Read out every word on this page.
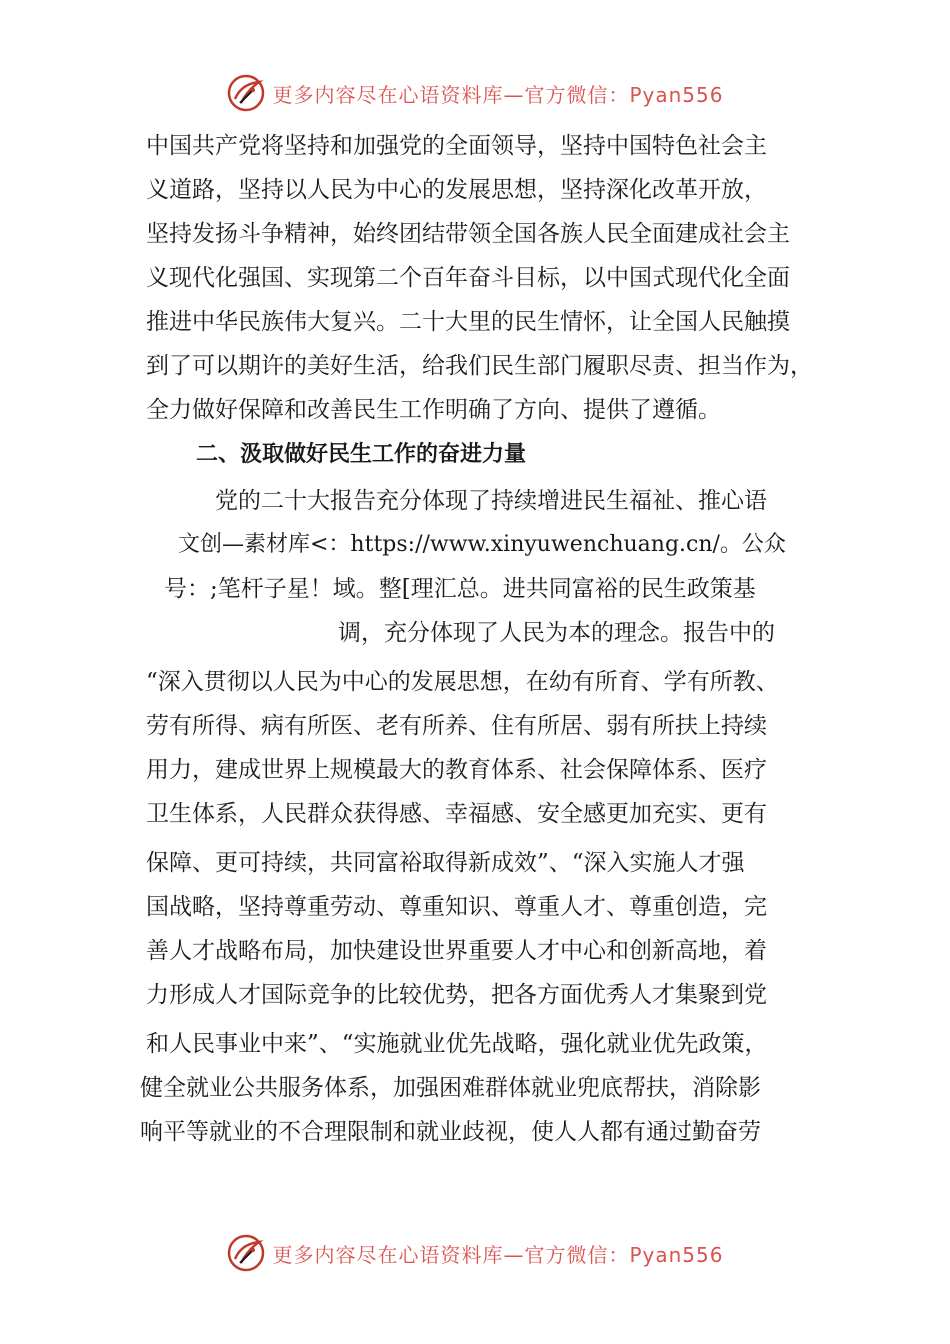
更多内容尽在心语资料库—官方微信：Pyan556
中国共产党将坚持和加强党的全面领导，坚持中国特色社会主
义道路，坚持以人民为中心的发展思想，坚持深化改革开放，
坚持发扬斗争精神，始终团结带领全国各族人民全面建成社会主
义现代化强国、实现第二个百年奋斗目标，以中国式现代化全面
推进中华民族伟大复兴。二十大里的民生情怀，让全国人民触摸
到了可以期许的美好生活，给我们民生部门履职尽责、担当作为，
全力做好保障和改善民生工作明确了方向、提供了遵循。
二、汲取做好民生工作的奋进力量
党的二十大报告充分体现了持续增进民生福祉、推心语
文创—素材库<：https://www.xinyuwenchuang.cn/。公众
号：;笔杆子星！域。整[理汇总。进共同富裕的民生政策基
调，充分体现了人民为本的理念。报告中的
“深入贯彻以人民为中心的发展思想，在幼有所育、学有所教、
劳有所得、病有所医、老有所养、住有所居、弱有所扶上持续
用力，建成世界上规模最大的教育体系、社会保障体系、医疗
卫生体系，人民群众获得感、幸福感、安全感更加充实、更有
保障、更可持续，共同富裕取得新成效”、“深入实施人才强
国战略，坚持尊重劳动、尊重知识、尊重人才、尊重创造，完
善人才战略布局，加快建设世界重要人才中心和创新高地，着
力形成人才国际竞争的比较优势，把各方面优秀人才集聚到党
和人民事业中来”、“实施就业优先战略，强化就业优先政策，
健全就业公共服务体系，加强困难群体就业兜底帮扶，消除影
响平等就业的不合理限制和就业歧视，使人人都有通过勤奋劳
更多内容尽在心语资料库—官方微信：Pyan556
